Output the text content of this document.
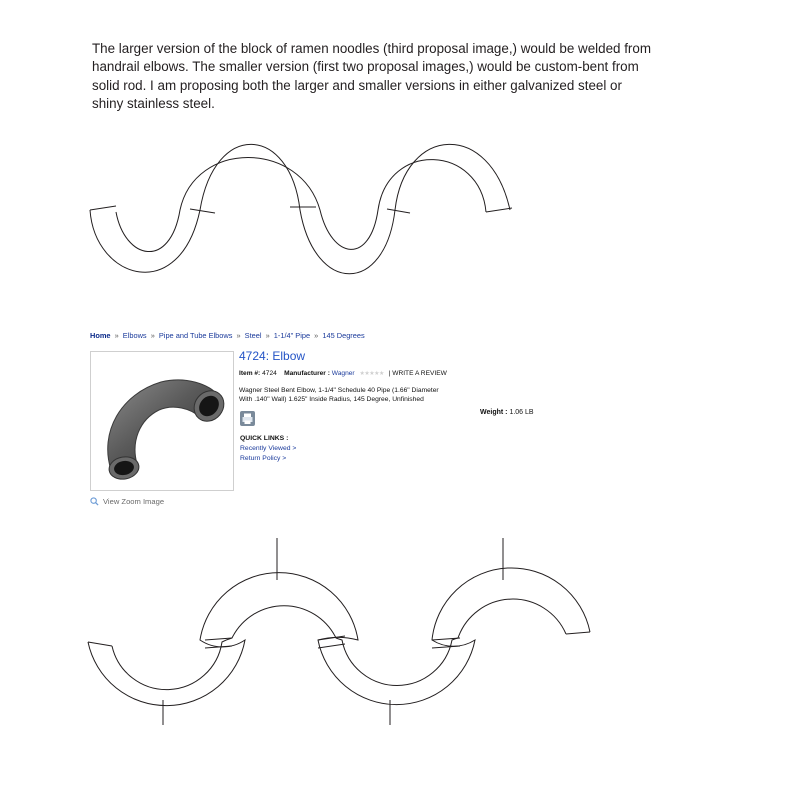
The larger version of the block of ramen noodles (third proposal image,) would be welded from handrail elbows. The smaller version (first two proposal images,) would be custom-bent from solid rod. I am proposing both the larger and smaller versions in either galvanized steel or shiny stainless steel.

Home » Elbows » Pipe and Tube Elbows » Steel » 1-1/4" Pipe » 145 Degrees
View Zoom Image
4724: Elbow
Item #: 4724 Manufacturer : Wagner ★★★★★ | WRITE A REVIEW
Wagner Steel Bent Elbow, 1-1/4" Schedule 40 Pipe (1.66" Diameter With .140" Wall) 1.625" Inside Radius, 145 Degree, Unfinished
Weight : 1.06 LB
QUICK LINKS :
Recently Viewed >
Return Policy >
